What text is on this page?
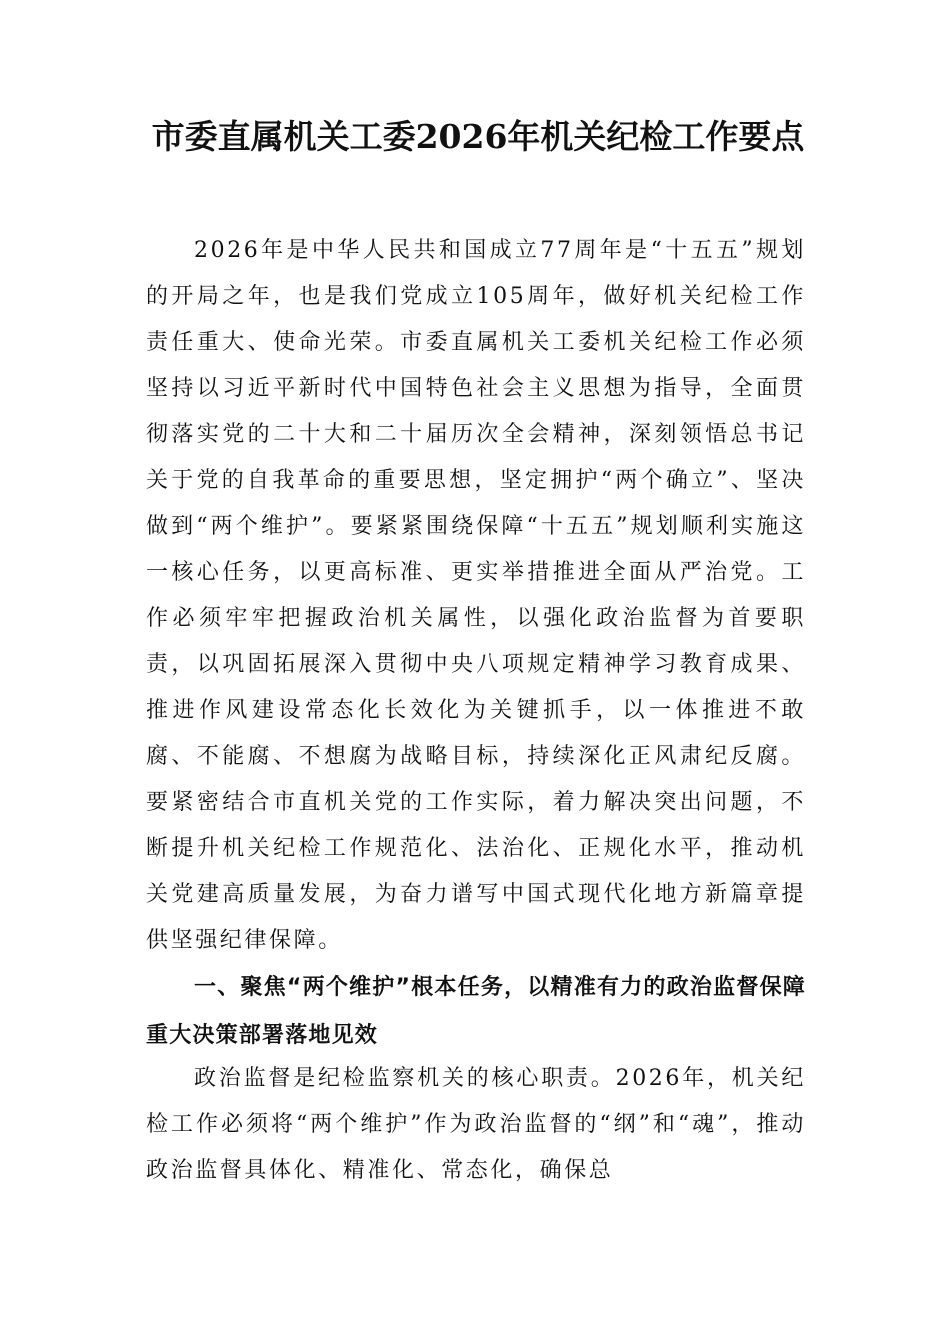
市委直属机关工委2026年机关纪检工作要点

2026年是中华人民共和国成立77周年是“十五五”规划的开局之年，也是我们党成立105周年，做好机关纪检工作责任重大、使命光荣。市委直属机关工委机关纪检工作必须坚持以习近平新时代中国特色社会主义思想为指导，全面贯彻落实党的二十大和二十届历次全会精神，深刻领悟总书记关于党的自我革命的重要思想，坚定拥护“两个确立”、坚决做到“两个维护”。要紧紧围绕保障“十五五”规划顺利实施这一核心任务，以更高标准、更实举措推进全面从严治党。工作必须牢牢把握政治机关属性，以强化政治监督为首要职责，以巩固拓展深入贯彻中央八项规定精神学习教育成果、推进作风建设常态化长效化为关键抓手，以一体推进不敢腐、不能腐、不想腐为战略目标，持续深化正风肃纪反腐。要紧密结合市直机关党的工作实际，着力解决突出问题，不断提升机关纪检工作规范化、法治化、正规化水平，推动机关党建高质量发展，为奋力谱写中国式现代化地方新篇章提供坚强纪律保障。

一、聚焦“两个维护”根本任务，以精准有力的政治监督保障重大决策部署落地见效

政治监督是纪检监察机关的核心职责。2026年，机关纪检工作必须将“两个维护”作为政治监督的“纲”和“魂”，推动政治监督具体化、精准化、常态化，确保总
